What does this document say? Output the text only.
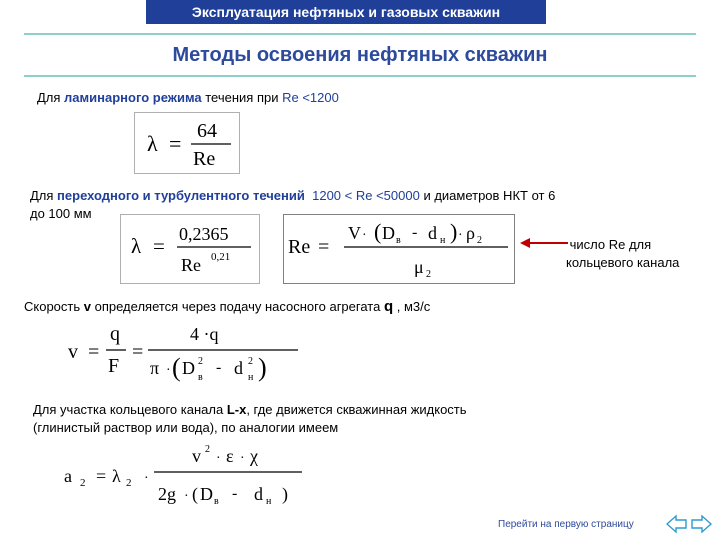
Эксплуатация нефтяных и газовых скважин
Методы освоения нефтяных скважин
Для ламинарного режима течения при Re <1200
λ = 64
Re
Для переходного и турбулентного течений 1200 < Re <50000 и диаметров НКТ от 6
до 100 мм
λ = 0,2365
Re 0,21	Re =
V · ( D в - d н ) · ρ 2
μ 2
число Re для
кольцевого канала
Скорость v определяется через подачу насосного агрегата q , м3/с
v =
q
F
=
4 ·q
π · ( D 2
в
- d 2
н )
Для участка кольцевого канала L-x, где движется скважинная жидкость
(глинистый раствор или вода), по аналогии имеем
a 2 = λ 2 ·
v 2
· ε · χ
2g · ( D в - d н )
Перейти на первую страницу
